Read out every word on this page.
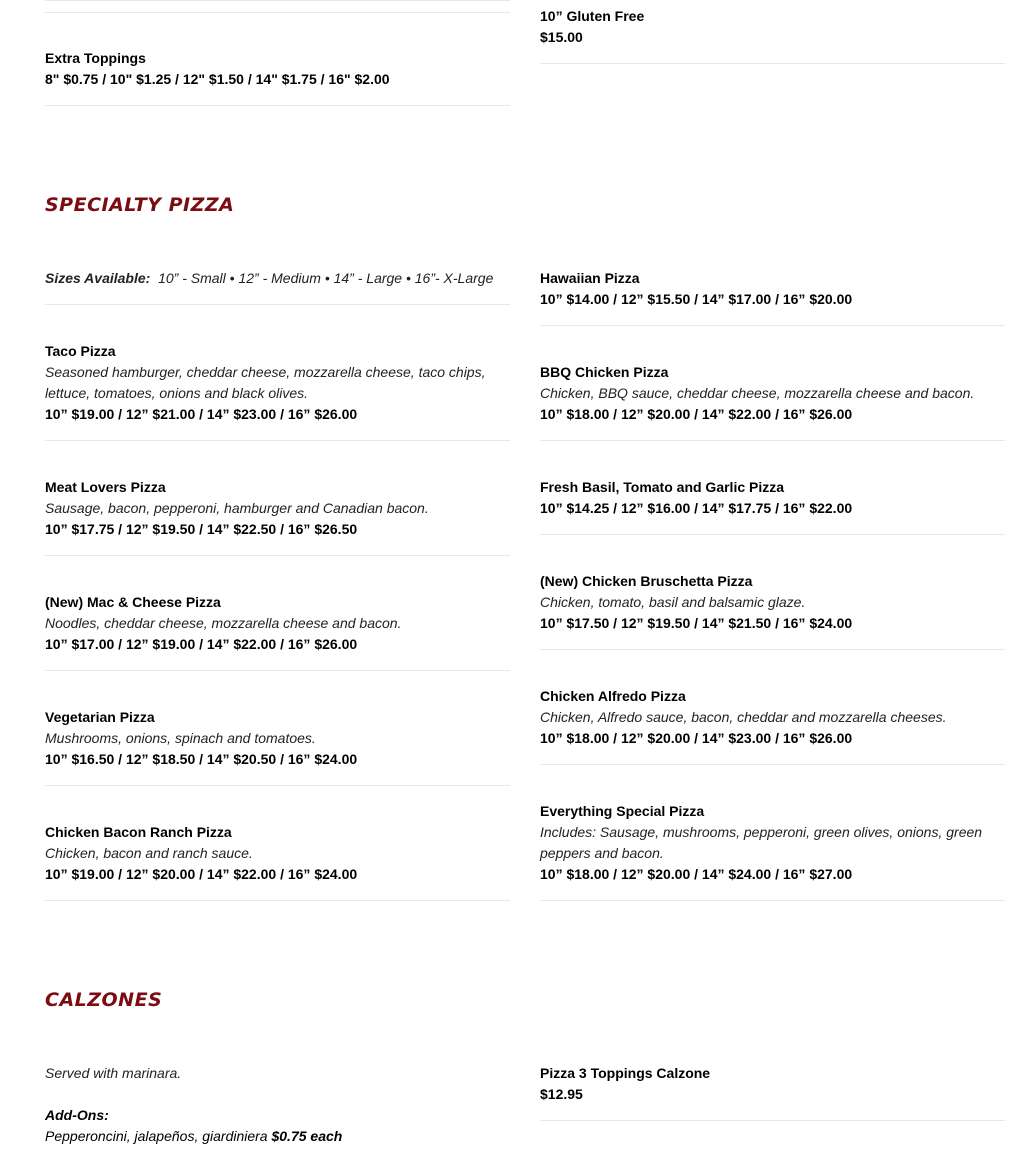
Extra Toppings
8" $0.75 / 10" $1.25 / 12" $1.50 / 14" $1.75 / 16" $2.00
10” Gluten Free
$15.00
SPECIALTY PIZZA
Sizes Available: 10” - Small • 12” - Medium • 14” - Large • 16”- X-Large
Taco Pizza
Seasoned hamburger, cheddar cheese, mozzarella cheese, taco chips, lettuce, tomatoes, onions and black olives.
10” $19.00 / 12” $21.00 / 14” $23.00 / 16” $26.00
Meat Lovers Pizza
Sausage, bacon, pepperoni, hamburger and Canadian bacon.
10” $17.75 / 12” $19.50 / 14” $22.50 / 16” $26.50
(New) Mac & Cheese Pizza
Noodles, cheddar cheese, mozzarella cheese and bacon.
10” $17.00 / 12” $19.00 / 14” $22.00 / 16” $26.00
Vegetarian Pizza
Mushrooms, onions, spinach and tomatoes.
10” $16.50 / 12” $18.50 / 14” $20.50 / 16” $24.00
Chicken Bacon Ranch Pizza
Chicken, bacon and ranch sauce.
10” $19.00 / 12” $20.00 / 14” $22.00 / 16” $24.00
Hawaiian Pizza
10” $14.00 / 12” $15.50 / 14” $17.00 / 16” $20.00
BBQ Chicken Pizza
Chicken, BBQ sauce, cheddar cheese, mozzarella cheese and bacon.
10” $18.00 / 12” $20.00 / 14” $22.00 / 16” $26.00
Fresh Basil, Tomato and Garlic Pizza
10” $14.25 / 12” $16.00 / 14” $17.75 / 16” $22.00
(New) Chicken Bruschetta Pizza
Chicken, tomato, basil and balsamic glaze.
10” $17.50 / 12” $19.50 / 14” $21.50 / 16” $24.00
Chicken Alfredo Pizza
Chicken, Alfredo sauce, bacon, cheddar and mozzarella cheeses.
10” $18.00 / 12” $20.00 / 14” $23.00 / 16” $26.00
Everything Special Pizza
Includes: Sausage, mushrooms, pepperoni, green olives, onions, green peppers and bacon.
10” $18.00 / 12” $20.00 / 14” $24.00 / 16” $27.00
CALZONES
Served with marinara.
Add-Ons:
Pepperoncini, jalapeños, giardiniera $0.75 each
Pizza 3 Toppings Calzone
$12.95
